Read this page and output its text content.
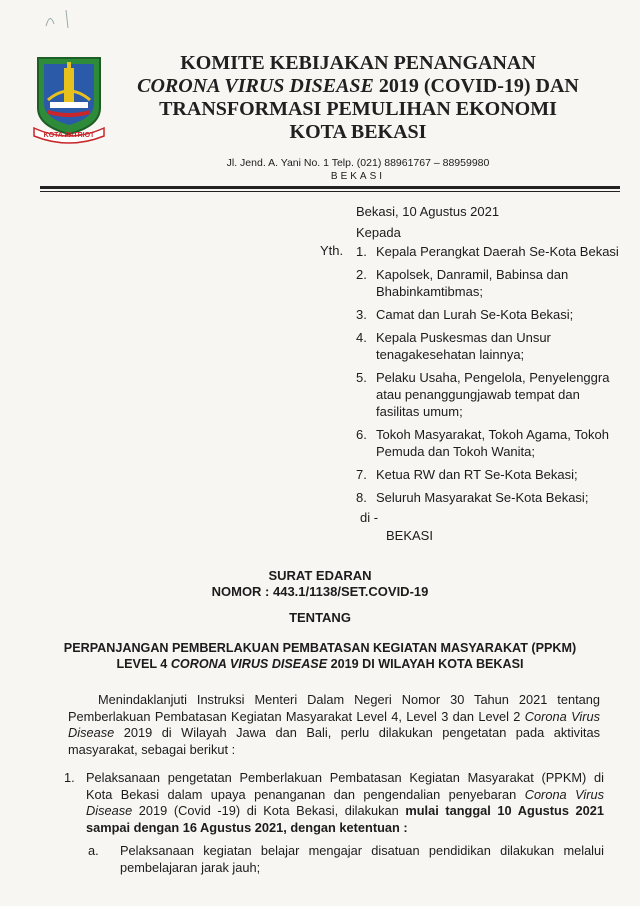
KOTA PATRIOT
KOMITE KEBIJAKAN PENANGANAN
CORONA VIRUS DISEASE 2019 (COVID-19) DAN
TRANSFORMASI PEMULIHAN EKONOMI
KOTA BEKASI
Jl. Jend. A. Yani No. 1 Telp. (021) 88961767 – 88959980
BEKASI
Bekasi, 10 Agustus 2021
Kepada
Yth. 1. Kepala Perangkat Daerah Se-Kota Bekasi
2. Kapolsek, Danramil, Babinsa dan Bhabinkamtibmas;
3. Camat dan Lurah Se-Kota Bekasi;
4. Kepala Puskesmas dan Unsur tenagakesehatan lainnya;
5. Pelaku Usaha, Pengelola, Penyelenggra atau penanggungjawab tempat dan fasilitas umum;
6. Tokoh Masyarakat, Tokoh Agama, Tokoh Pemuda dan Tokoh Wanita;
7. Ketua RW dan RT Se-Kota Bekasi;
8. Seluruh Masyarakat Se-Kota Bekasi;
di -
BEKASI
SURAT EDARAN
NOMOR : 443.1/1138/SET.COVID-19
TENTANG
PERPANJANGAN PEMBERLAKUAN PEMBATASAN KEGIATAN MASYARAKAT (PPKM)
LEVEL 4 CORONA VIRUS DISEASE 2019 DI WILAYAH KOTA BEKASI
Menindaklanjuti Instruksi Menteri Dalam Negeri Nomor 30 Tahun 2021 tentang Pemberlakuan Pembatasan Kegiatan Masyarakat Level 4, Level 3 dan Level 2 Corona Virus Disease 2019 di Wilayah Jawa dan Bali, perlu dilakukan pengetatan pada aktivitas masyarakat, sebagai berikut :
1. Pelaksanaan pengetatan Pemberlakuan Pembatasan Kegiatan Masyarakat (PPKM) di Kota Bekasi dalam upaya penanganan dan pengendalian penyebaran Corona Virus Disease 2019 (Covid -19) di Kota Bekasi, dilakukan mulai tanggal 10 Agustus 2021 sampai dengan 16 Agustus 2021, dengan ketentuan :
a. Pelaksanaan kegiatan belajar mengajar disatuan pendidikan dilakukan melalui pembelajaran jarak jauh;
